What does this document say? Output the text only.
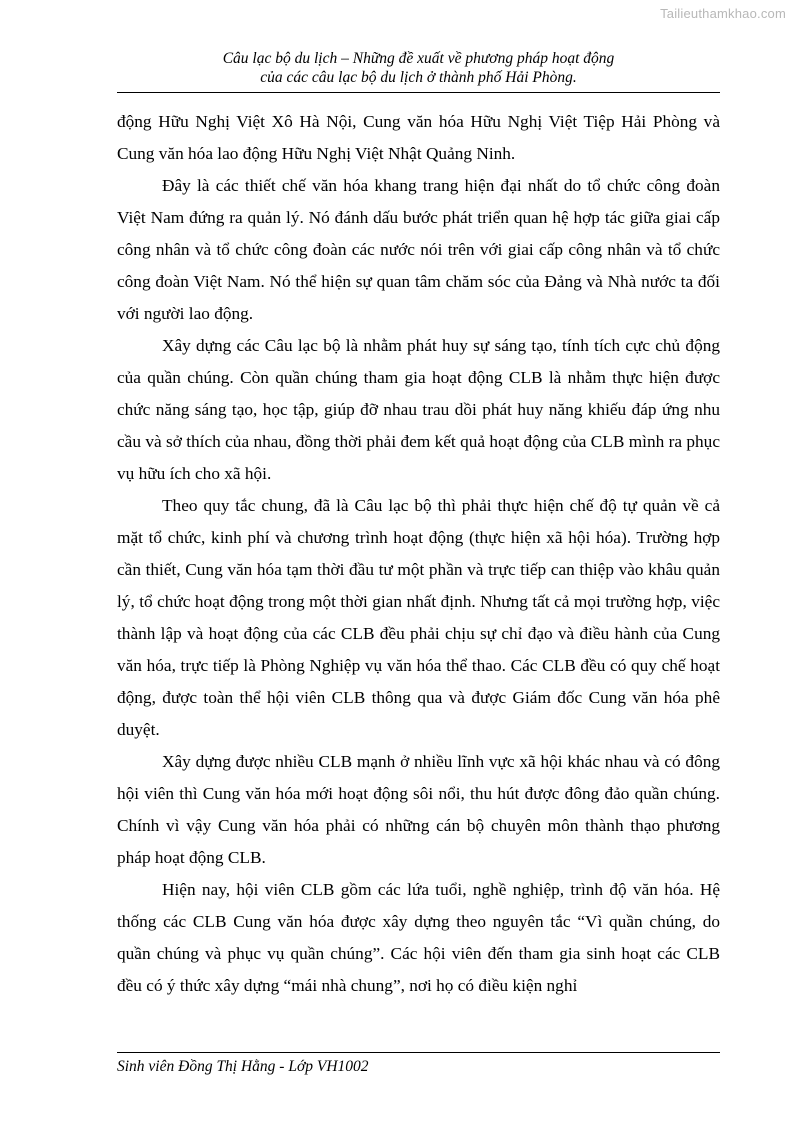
Tailieuthamkhao.com
Câu lạc bộ du lịch – Những đề xuất về phương pháp hoạt động
của các câu lạc bộ du lịch ở thành phố Hải Phòng.

động Hữu Nghị Việt Xô Hà Nội, Cung văn hóa Hữu Nghị Việt Tiệp Hải Phòng và Cung văn hóa lao động Hữu Nghị Việt Nhật Quảng Ninh.

Đây là các thiết chế văn hóa khang trang hiện đại nhất do tổ chức công đoàn Việt Nam đứng ra quản lý. Nó đánh dấu bước phát triển quan hệ hợp tác giữa giai cấp công nhân và tổ chức công đoàn các nước nói trên với giai cấp công nhân và tổ chức công đoàn Việt Nam. Nó thể hiện sự quan tâm chăm sóc của Đảng và Nhà nước ta đối với người lao động.

Xây dựng các Câu lạc bộ là nhằm phát huy sự sáng tạo, tính tích cực chủ động của quần chúng. Còn quần chúng tham gia hoạt động CLB là nhằm thực hiện được chức năng sáng tạo, học tập, giúp đỡ nhau trau dồi phát huy năng khiếu đáp ứng nhu cầu và sở thích của nhau, đồng thời phải đem kết quả hoạt động của CLB mình ra phục vụ hữu ích cho xã hội.

Theo quy tắc chung, đã là Câu lạc bộ thì phải thực hiện chế độ tự quản về cả mặt tổ chức, kinh phí và chương trình hoạt động (thực hiện xã hội hóa). Trường hợp cần thiết, Cung văn hóa tạm thời đầu tư một phần và trực tiếp can thiệp vào khâu quản lý, tổ chức hoạt động trong một thời gian nhất định. Nhưng tất cả mọi trường hợp, việc thành lập và hoạt động của các CLB đều phải chịu sự chỉ đạo và điều hành của Cung văn hóa, trực tiếp là Phòng Nghiệp vụ văn hóa thể thao. Các CLB đều có quy chế hoạt động, được toàn thể hội viên CLB thông qua và được Giám đốc Cung văn hóa phê duyệt.

Xây dựng được nhiều CLB mạnh ở nhiều lĩnh vực xã hội khác nhau và có đông hội viên thì Cung văn hóa mới hoạt động sôi nổi, thu hút được đông đảo quần chúng. Chính vì vậy Cung văn hóa phải có những cán bộ chuyên môn thành thạo phương pháp hoạt động CLB.

Hiện nay, hội viên CLB gồm các lứa tuổi, nghề nghiệp, trình độ văn hóa. Hệ thống các CLB Cung văn hóa được xây dựng theo nguyên tắc “Vì quần chúng, do quần chúng và phục vụ quần chúng”. Các hội viên đến tham gia sinh hoạt các CLB đều có ý thức xây dựng “mái nhà chung”, nơi họ có điều kiện nghỉ

Sinh viên Đồng Thị Hằng - Lớp VH1002
